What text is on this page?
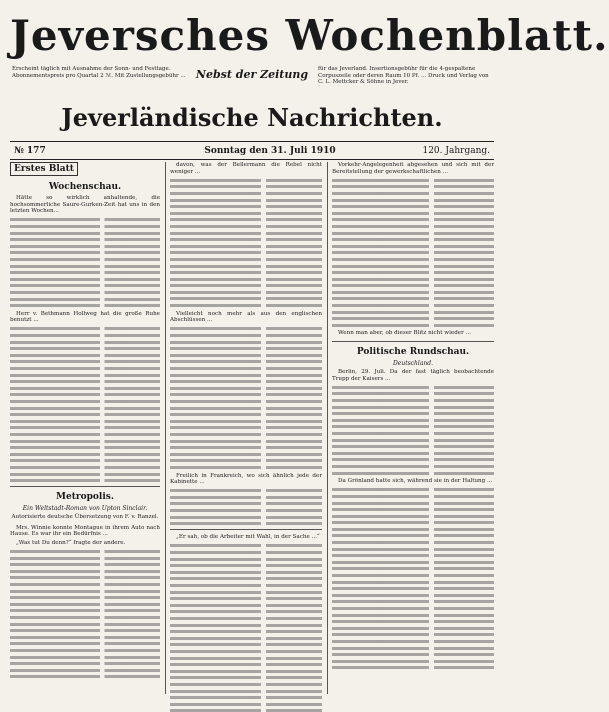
Jeversches Wochenblatt.
Erscheint täglich mit Ausnahme der Sonn- und Festtage. Abonnementspreis pro Quartal 2 ℳ. Mit Zustellungsgebühr ... Nebst der Zeitung	für das Jeverland. Insertionsgebühr für die 4-gespaltene Corpuszeile oder deren Raum 10 Pf. ... Druck und Verlag von C. L. Mettcker & Söhne in Jever.
Jeverländische Nachrichten.
№ 177	Sonntag den 31. Juli 1910	120. Jahrgang.
Erstes Blatt
Wochenschau.

Hätte so wirklich anhaltende, die hochsommerliche Saure-Gurken-Zeit hat uns in den letzten Wochen...

Herr v. Bethmann Hollweg hat die große Ruhe benutzt ...

Metropolis.
Ein Weltstadt-Roman von Upton Sinclair.
Autorisierte deutsche Übersetzung von F. v. Ranzel.

Mrs. Winnie konnte Montague in ihrem Auto nach Hause. Es war ihr ein Bedürfnis ...

„Was tut Du denn?“ fragte der andere.

davon, was der Bellermann die Rebel nicht weniger ...

Vielleicht noch mehr als aus den englischen Abschlüssen ...

Freilich in Frankreich, wo sich ähnlich jede der Kabinette ...

„Er sah, ob die Arbeiter mit Wahl, in der Sache ...“

Vorkehr-Angelegenheit abgesehen und sich mit der Bereitstellung der gewerkschaftlichen ...

Wenn man aber, ob dieser Blitz nicht wieder ...

Politische Rundschau.
Deutschland.

Berlin, 29. Juli. Da der fast täglich beobachtende Trupp der Kaisers ...

Da Grönland hatte sich, während sie in der Haltung ...
